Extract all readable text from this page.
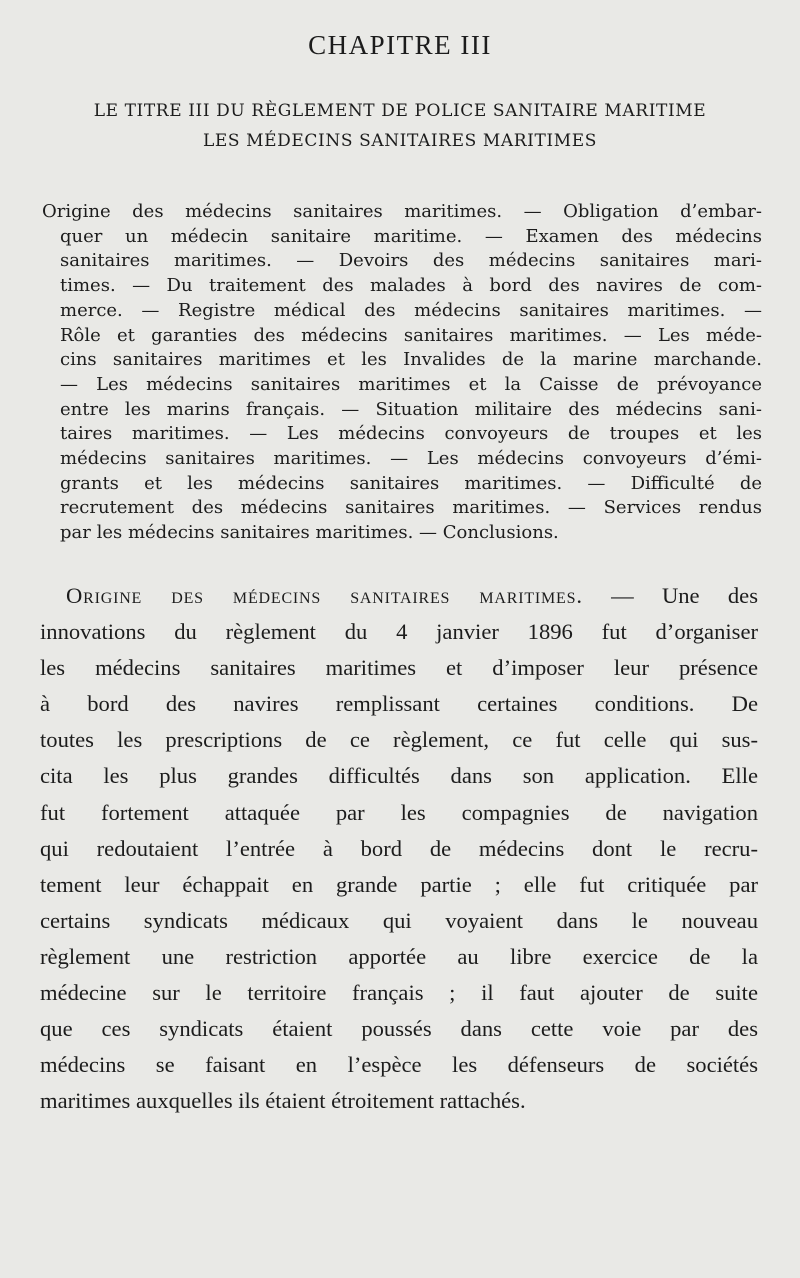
CHAPITRE III
LE TITRE III DU RÈGLEMENT DE POLICE SANITAIRE MARITIME
LES MÉDECINS SANITAIRES MARITIMES
Origine des médecins sanitaires maritimes. — Obligation d’embar-
quer un médecin sanitaire maritime. — Examen des médecins
sanitaires maritimes. — Devoirs des médecins sanitaires mari-
times. — Du traitement des malades à bord des navires de com-
merce. — Registre médical des médecins sanitaires maritimes. —
Rôle et garanties des médecins sanitaires maritimes. — Les méde-
cins sanitaires maritimes et les Invalides de la marine marchande.
— Les médecins sanitaires maritimes et la Caisse de prévoyance
entre les marins français. — Situation militaire des médecins sani-
taires maritimes. — Les médecins convoyeurs de troupes et les
médecins sanitaires maritimes. — Les médecins convoyeurs d’émi-
grants et les médecins sanitaires maritimes. — Difficulté de
recrutement des médecins sanitaires maritimes. — Services rendus
par les médecins sanitaires maritimes. — Conclusions.
Origine des médecins sanitaires maritimes. — Une des
innovations du règlement du 4 janvier 1896 fut d’organiser
les médecins sanitaires maritimes et d’imposer leur présence
à bord des navires remplissant certaines conditions. De
toutes les prescriptions de ce règlement, ce fut celle qui sus-
cita les plus grandes difficultés dans son application. Elle
fut fortement attaquée par les compagnies de navigation
qui redoutaient l’entrée à bord de médecins dont le recru-
tement leur échappait en grande partie ; elle fut critiquée par
certains syndicats médicaux qui voyaient dans le nouveau
règlement une restriction apportée au libre exercice de la
médecine sur le territoire français ; il faut ajouter de suite
que ces syndicats étaient poussés dans cette voie par des
médecins se faisant en l’espèce les défenseurs de sociétés
maritimes auxquelles ils étaient étroitement rattachés.
